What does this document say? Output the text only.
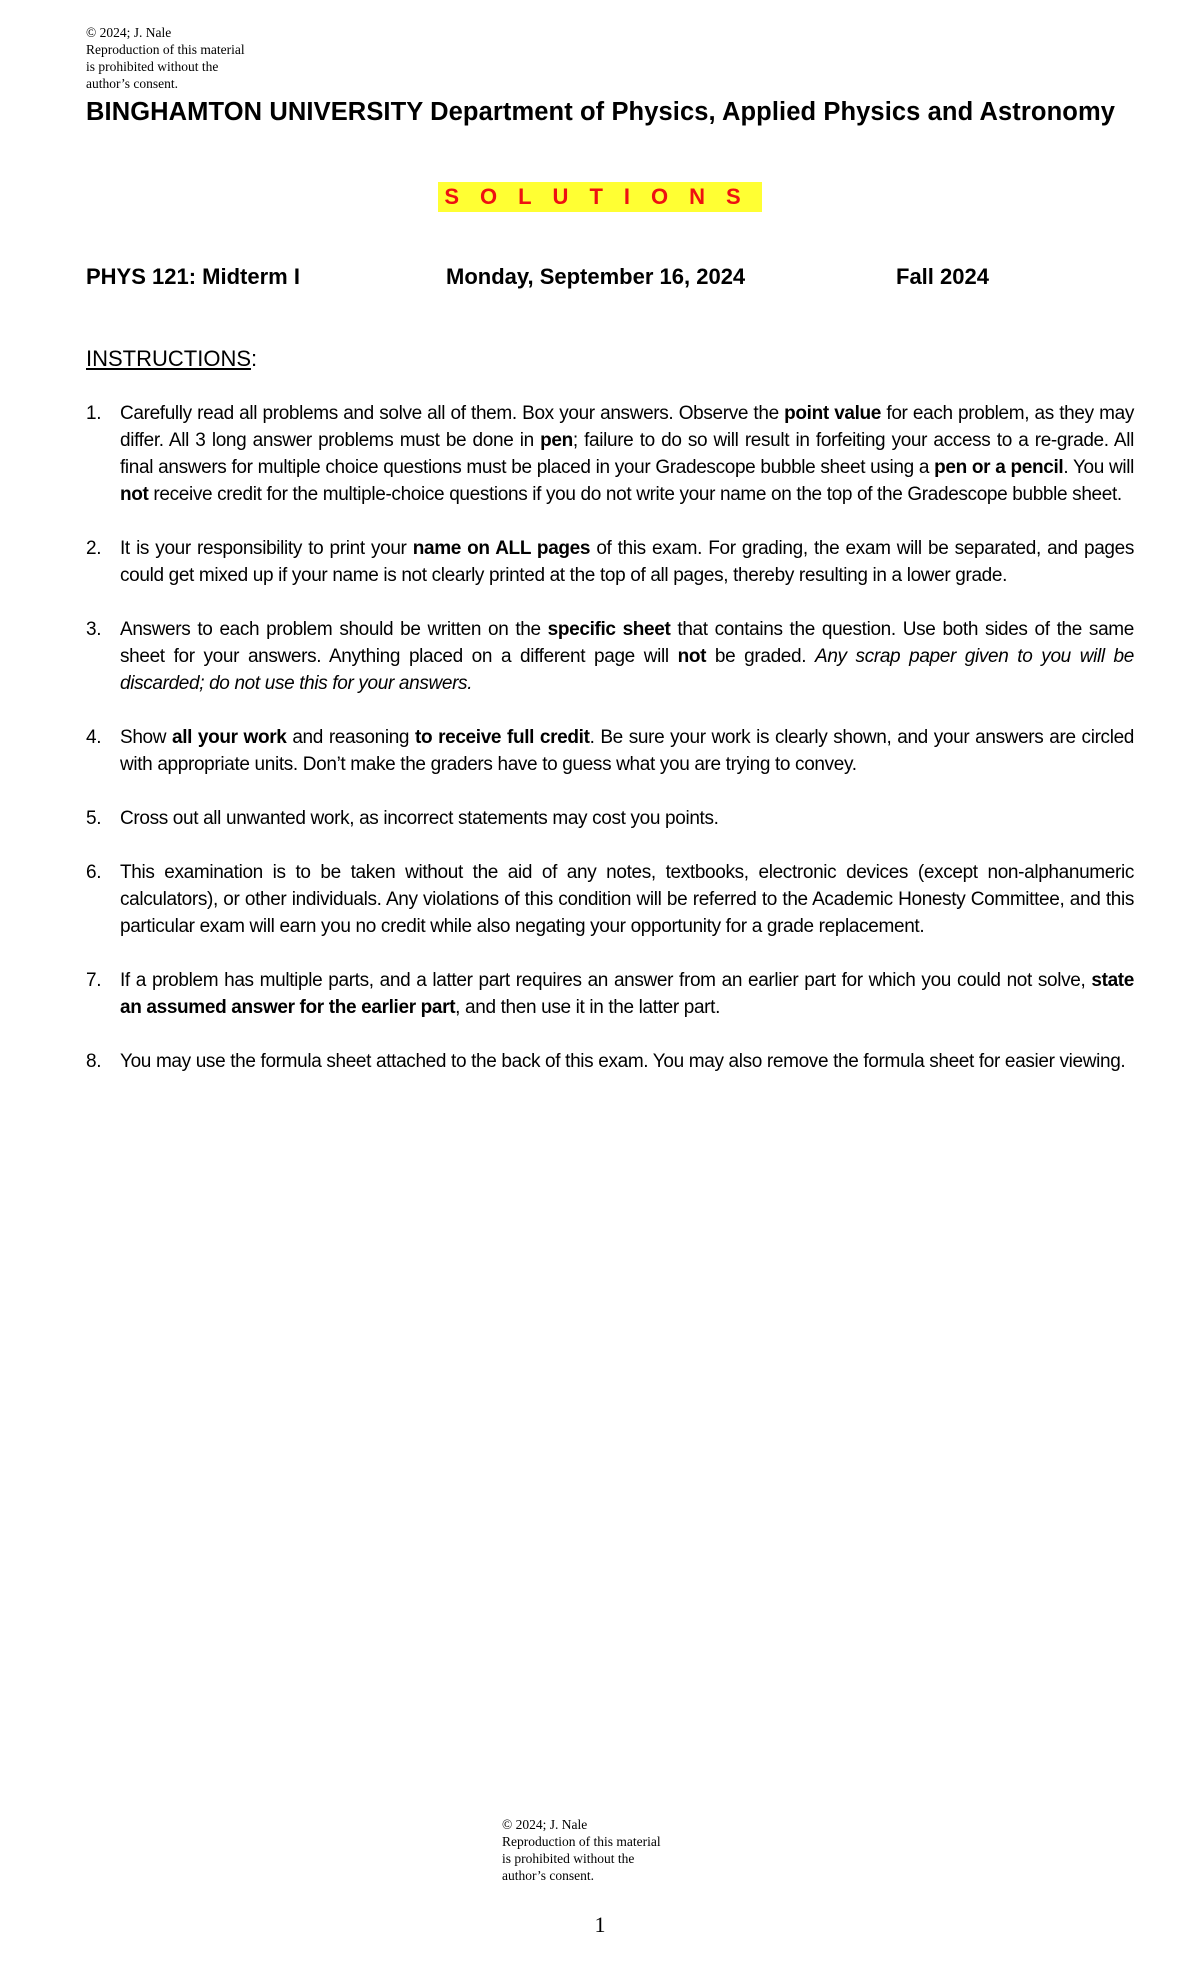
© 2024; J. Nale
Reproduction of this material
is prohibited without the
author’s consent.
BINGHAMTON UNIVERSITY Department of Physics, Applied Physics and Astronomy
SOLUTIONS
PHYS 121: Midterm I	Monday, September 16, 2024	Fall 2024
INSTRUCTIONS:
1. Carefully read all problems and solve all of them. Box your answers. Observe the point value for each problem, as they may differ. All 3 long answer problems must be done in pen; failure to do so will result in forfeiting your access to a re-grade. All final answers for multiple choice questions must be placed in your Gradescope bubble sheet using a pen or a pencil. You will not receive credit for the multiple-choice questions if you do not write your name on the top of the Gradescope bubble sheet.
2. It is your responsibility to print your name on ALL pages of this exam. For grading, the exam will be separated, and pages could get mixed up if your name is not clearly printed at the top of all pages, thereby resulting in a lower grade.
3. Answers to each problem should be written on the specific sheet that contains the question. Use both sides of the same sheet for your answers. Anything placed on a different page will not be graded. Any scrap paper given to you will be discarded; do not use this for your answers.
4. Show all your work and reasoning to receive full credit. Be sure your work is clearly shown, and your answers are circled with appropriate units. Don’t make the graders have to guess what you are trying to convey.
5. Cross out all unwanted work, as incorrect statements may cost you points.
6. This examination is to be taken without the aid of any notes, textbooks, electronic devices (except non-alphanumeric calculators), or other individuals. Any violations of this condition will be referred to the Academic Honesty Committee, and this particular exam will earn you no credit while also negating your opportunity for a grade replacement.
7. If a problem has multiple parts, and a latter part requires an answer from an earlier part for which you could not solve, state an assumed answer for the earlier part, and then use it in the latter part.
8. You may use the formula sheet attached to the back of this exam. You may also remove the formula sheet for easier viewing.
© 2024; J. Nale
Reproduction of this material
is prohibited without the
author’s consent.
1
